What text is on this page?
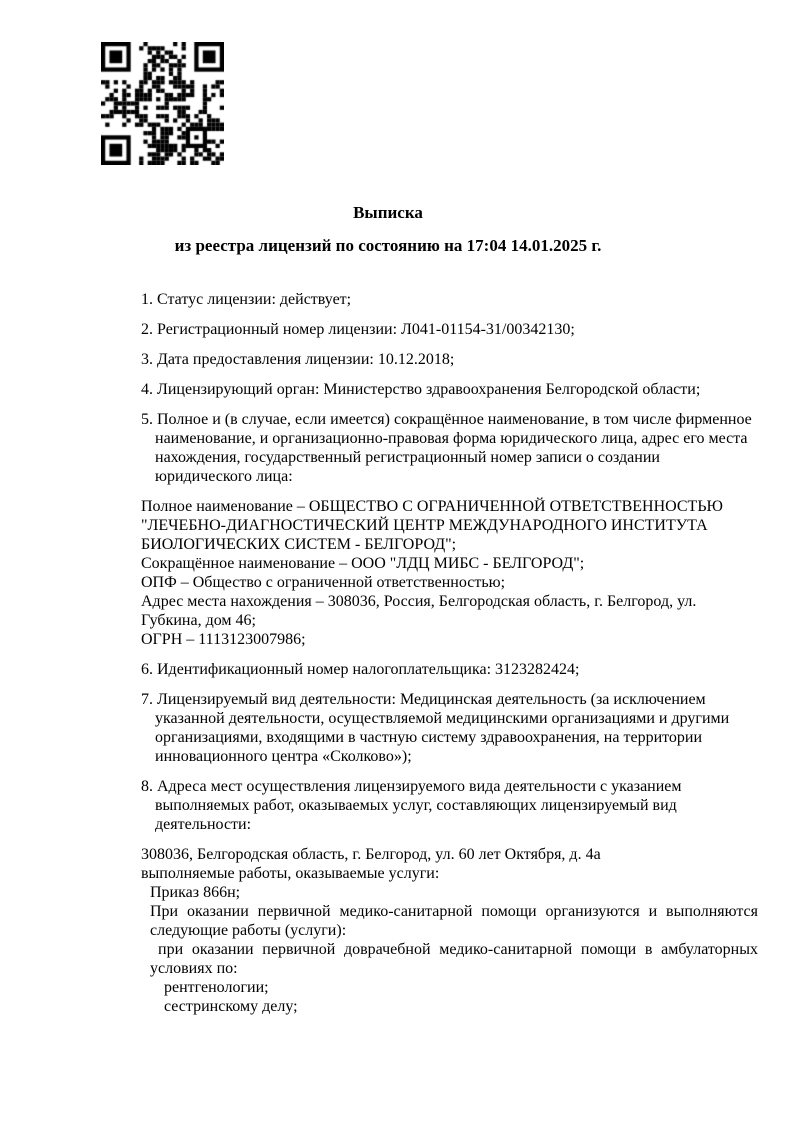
Выписка
из реестра лицензий по состоянию на 17:04 14.01.2025 г.
1. Статус лицензии: действует;
2. Регистрационный номер лицензии: Л041-01154-31/00342130;
3. Дата предоставления лицензии: 10.12.2018;
4. Лицензирующий орган: Министерство здравоохранения Белгородской области;
5. Полное и (в случае, если имеется) сокращённое наименование, в том числе фирменное
наименование, и организационно-правовая форма юридического лица, адрес его места
нахождения, государственный регистрационный номер записи о создании
юридического лица:
Полное наименование – ОБЩЕСТВО С ОГРАНИЧЕННОЙ ОТВЕТСТВЕННОСТЬЮ
"ЛЕЧЕБНО-ДИАГНОСТИЧЕСКИЙ ЦЕНТР МЕЖДУНАРОДНОГО ИНСТИТУТА
БИОЛОГИЧЕСКИХ СИСТЕМ - БЕЛГОРОД";
Сокращённое наименование – ООО "ЛДЦ МИБС - БЕЛГОРОД";
ОПФ – Общество с ограниченной ответственностью;
Адрес места нахождения – 308036, Россия, Белгородская область, г. Белгород, ул.
Губкина, дом 46;
ОГРН – 1113123007986;
6. Идентификационный номер налогоплательщика: 3123282424;
7. Лицензируемый вид деятельности: Медицинская деятельность (за исключением
указанной деятельности, осуществляемой медицинскими организациями и другими
организациями, входящими в частную систему здравоохранения, на территории
инновационного центра «Сколково»);
8. Адреса мест осуществления лицензируемого вида деятельности с указанием
выполняемых работ, оказываемых услуг, составляющих лицензируемый вид
деятельности:
308036, Белгородская область, г. Белгород, ул. 60 лет Октября, д. 4а
выполняемые работы, оказываемые услуги:
Приказ 866н;
При оказании первичной медико-санитарной помощи организуются и выполняются
следующие работы (услуги):
при оказании первичной доврачебной медико-санитарной помощи в амбулаторных
условиях по:
рентгенологии;
сестринскому делу;
